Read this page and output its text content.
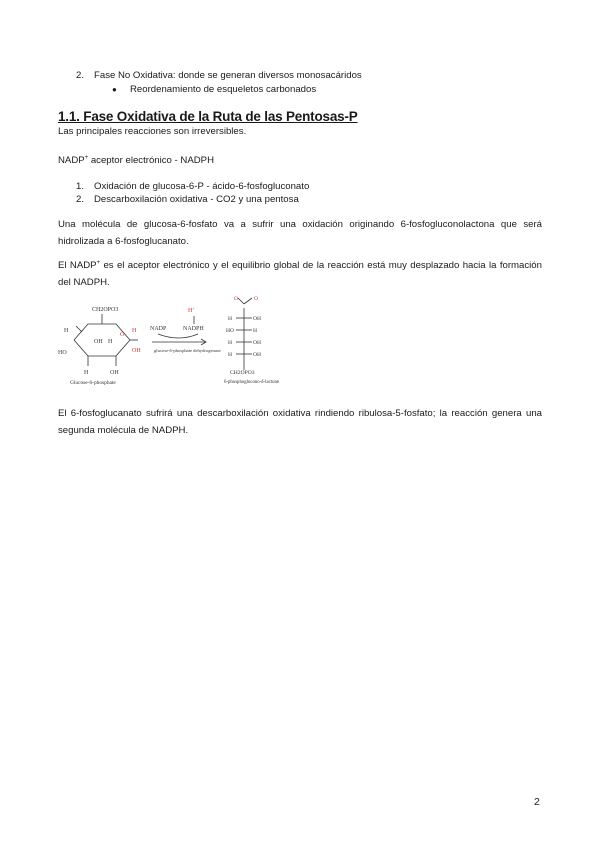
2. Fase No Oxidativa: donde se generan diversos monosacáridos
● Reordenamiento de esqueletos carbonados
1.1. Fase Oxidativa de la Ruta de las Pentosas-P
Las principales reacciones son irreversibles.
NADP+ aceptor electrónico - NADPH
1. Oxidación de glucosa-6-P - ácido-6-fosfogluconato
2. Descarboxilación oxidativa - CO2 y una pentosa
Una molécula de glucosa-6-fosfato va a sufrir una oxidación originando 6-fosfogluconolactona que será hidrolizada a 6-fosfoglucanato.
El NADP+ es el aceptor electrónico y el equilibrio global de la reacción está muy desplazado hacia la formación del NADPH.
CH2OPO3
H
HO
OH H
O
H
OH
H	OH
Glucose-6-phosphate
H+
NADP	NADPH
glucose-6-phosphate dehydrogenase
O	O
H	OH
HO	H
H	OH
H	OH
CH2OPO3
6-phosphoglucono-δ-lactone
El 6-fosfoglucanato sufrirá una descarboxilación oxidativa rindiendo ribulosa-5-fosfato; la reacción genera una segunda molécula de NADPH.
2
